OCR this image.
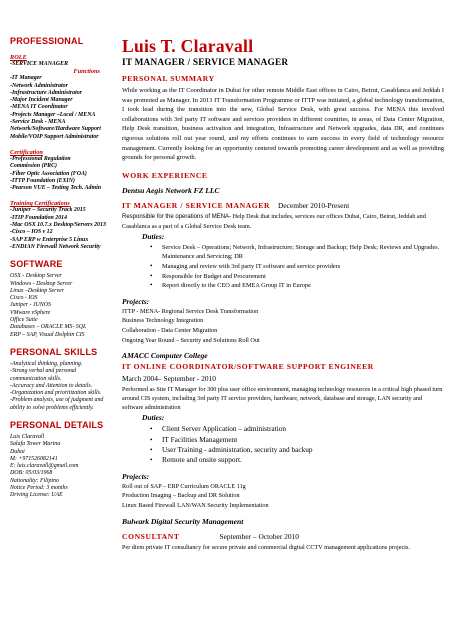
PROFESSIONAL
ROLE
-SERVICE MANAGER
Functions
-IT Manager
-Network Administrator
-Infrastructure Administrator
-Major Incident Manager
-MENA IT Coordinator
-Projects Manager –Local / MENA
-Service Desk - MENA
Network/Software/Hardware Support
Mobile/VOIP Support Administrator
Certification
-Professional Regulation
Commission (PRC)
-Fiber Optic Association (FOA)
-ITTP Foundation (EXIN)
-Pearson VUE – Testing Tech. Admin
Training Certifications
-Juniper – Security Track 2015
-ITIP Foundation 2014
-Mac OSX 10.7.x Desktop/Servers 2013
-Cisco – IOS v 12
-SAP ERP w Enterprise 5 Linux
-ENDIAN Firewall Network Security
SOFTWARE
OSX - Desktop Server
Windows - Desktop Server
Linux –Desktop Server
Cisco - IOS
Juniper - JUNOS
VMware vSphere
Office Suite
Databases – ORACLE MS- SQL
ERP – SAP, Visual Dolphin CIS
PERSONAL SKILLS
-Analytical thinking, planning.
-Strong verbal and personal
communication skills.
-Accuracy and Attention to details.
-Organization and prioritization skills.
-Problem analysis, use of judgment and
ability to solve problems efficiently.
PERSONAL DETAILS
Luis Claravall
Salafa Tower Marina
Dubai
M: +971526082141
E: luis.claravall@gmail.com
DOB: 05/03/1968
Nationality: Filipino
Notice Period: 3 months
Driving License: UAE
Luis T. Claravall
IT MANAGER / SERVICE MANAGER
PERSONAL SUMMARY

While working as the IT Coordinator in Dubai for other remote Middle East offices in Cairo, Beirut, Casablanca and Jeddah I was promoted as Manager. In 2013 IT Transformation Programme or ITTP was initiated, a global technology transformation, I took lead during the transition into the new, Global Service Desk, with great success. For MENA this involved collaborations with 3rd party IT software and services providers in different countries, in areas, of Data Center Migration, Help Desk transition, business activation and integration, Infrastructure and Network upgrades, data DR, and continues rigorous solutions roll out year round, and my efforts continues to earn success in every field of technology resource management. Currently looking for an opportunity centered towards promoting career development and as well as providing grounds for personal growth.

WORK EXPERIENCE
Dentsu Aegis Network FZ LLC
IT MANAGER / SERVICE MANAGER December 2010-Present

Responsible for the operations of MENA- Help Desk that includes, services our offices Dubai, Cairo, Beirut, Jeddah and Casablanca as a part of a Global Service Desk team.

Duties:
• Service Desk – Operations; Network, Infrastructure; Storage and Backup; Help Desk; Reviews and Upgrades. Maintenance and Servicing; DR
• Managing and review with 3rd party IT software and service providers
• Responsible for Budget and Procurement
• Report directly to the CEO and EMEA Group IT in Europe
Projects:
ITTP - MENA- Regional Service Desk Transformation
Business Technology Integration
Collaboration - Data Center Migration
Ongoing Year Round – Security and Solutions Roll Out
AMACC Computer College
IT ONLINE COORDINATOR/SOFTWARE SUPPORT ENGINEER
March 2004– September - 2010

Performed as Site IT Manager for 300 plus user office environment, managing technology resources in a critical high phased turn around CIS system, including 3rd party IT service providers, hardware, network, database and storage, LAN security and software administration

Duties:
• Client Server Application – administration
• IT Facilities Management
• User Training - administration, security and backup
• Remote and onsite support.
Projects:
Roll out of SAP – ERP Curriculum ORACLE 11g
Production Imaging – Backup and DR Solution
Linux Based Firewall LAN/WAN Security Implementation
Bulwark Digital Security Management
CONSULTANT	September – October 2010

Per diem private IT consultancy for secure private and commercial digital CCTV management applications projects.
